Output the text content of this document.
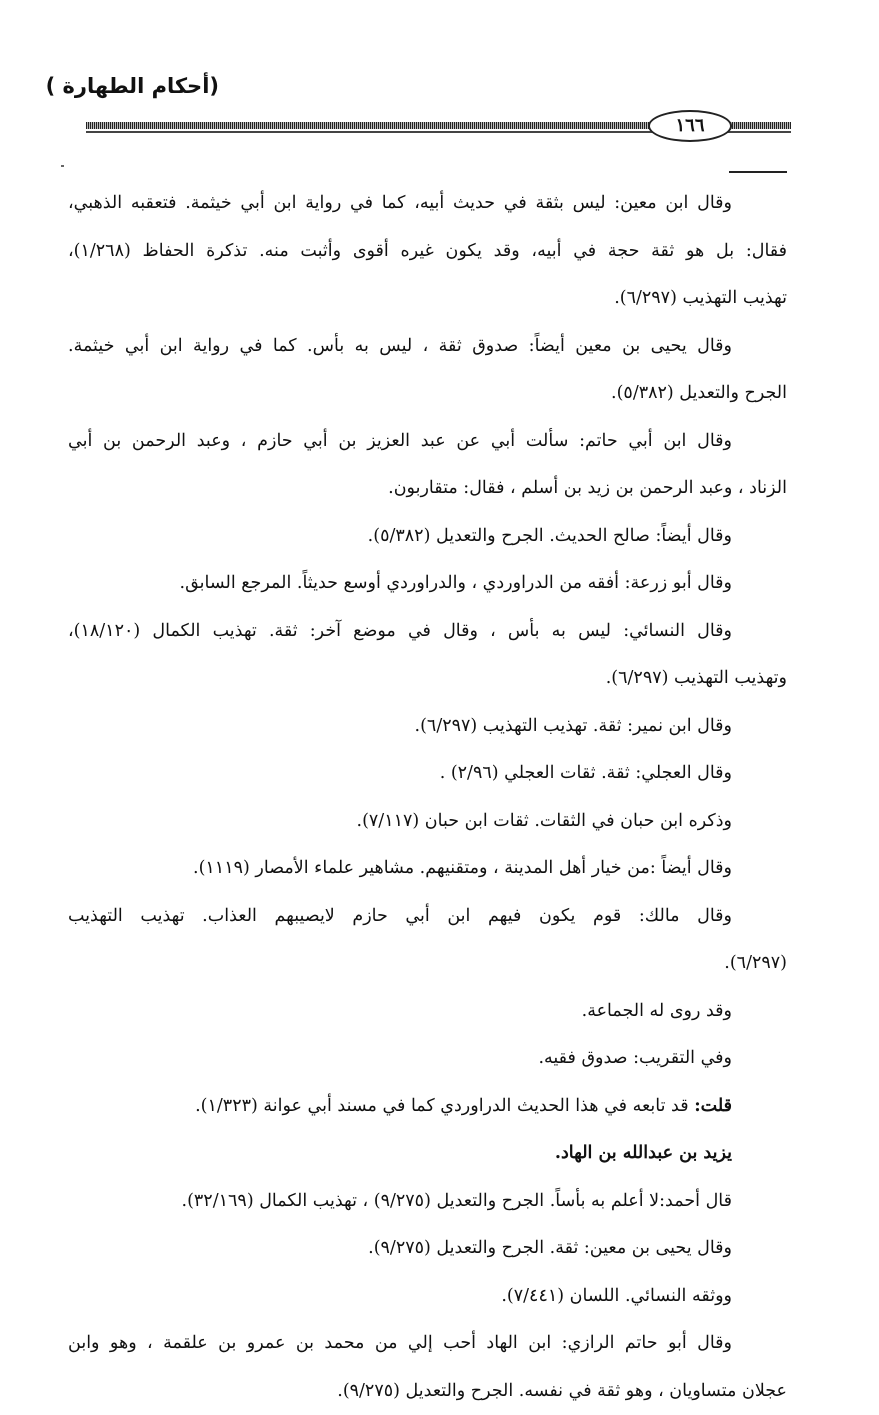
(أحكام الطهارة )
١٦٦
وقال ابن معين: ليس بثقة في حديث أبيه، كما في رواية ابن أبي خيثمة. فتعقبه الذهبي،
فقال: بل هو ثقة حجة في أبيه، وقد يكون غيره أقوى وأثبت منه. تذكرة الحفاظ (١/٢٦٨)،
تهذيب التهذيب (٦/٢٩٧).
وقال يحيى بن معين أيضاً: صدوق ثقة ، ليس به بأس. كما في رواية ابن أبي خيثمة.
الجرح والتعديل (٥/٣٨٢).
وقال ابن أبي حاتم: سألت أبي عن عبد العزيز بن أبي حازم ، وعبد الرحمن بن أبي
الزناد ، وعبد الرحمن بن زيد بن أسلم ، فقال: متقاربون.
وقال أيضاً: صالح الحديث. الجرح والتعديل (٥/٣٨٢).
وقال أبو زرعة: أفقه من الدراوردي ، والدراوردي أوسع حديثاً. المرجع السابق.
وقال النسائي: ليس به بأس ، وقال في موضع آخر: ثقة. تهذيب الكمال (١٨/١٢٠)،
وتهذيب التهذيب (٦/٢٩٧).
وقال ابن نمير: ثقة. تهذيب التهذيب (٦/٢٩٧).
وقال العجلي: ثقة. ثقات العجلي (٢/٩٦) .
وذكره ابن حبان في الثقات. ثقات ابن حبان (٧/١١٧).
وقال أيضاً :من خيار أهل المدينة ، ومتقنيهم. مشاهير علماء الأمصار (١١١٩).
وقال مالك: قوم يكون فيهم ابن أبي حازم لايصيبهم العذاب. تهذيب التهذيب
(٦/٢٩٧).
وقد روى له الجماعة.
وفي التقريب: صدوق فقيه.
قلت: قد تابعه في هذا الحديث الدراوردي كما في مسند أبي عوانة (١/٣٢٣).
يزيد بن عبدالله بن الهاد.
قال أحمد:لا أعلم به بأساً. الجرح والتعديل (٩/٢٧٥) ، تهذيب الكمال (٣٢/١٦٩).
وقال يحيى بن معين: ثقة. الجرح والتعديل (٩/٢٧٥).
ووثقه النسائي. اللسان (٧/٤٤١).
وقال أبو حاتم الرازي: ابن الهاد أحب إلي من محمد بن عمرو بن علقمة ، وهو وابن
عجلان متساويان ، وهو ثقة في نفسه. الجرح والتعديل (٩/٢٧٥).
